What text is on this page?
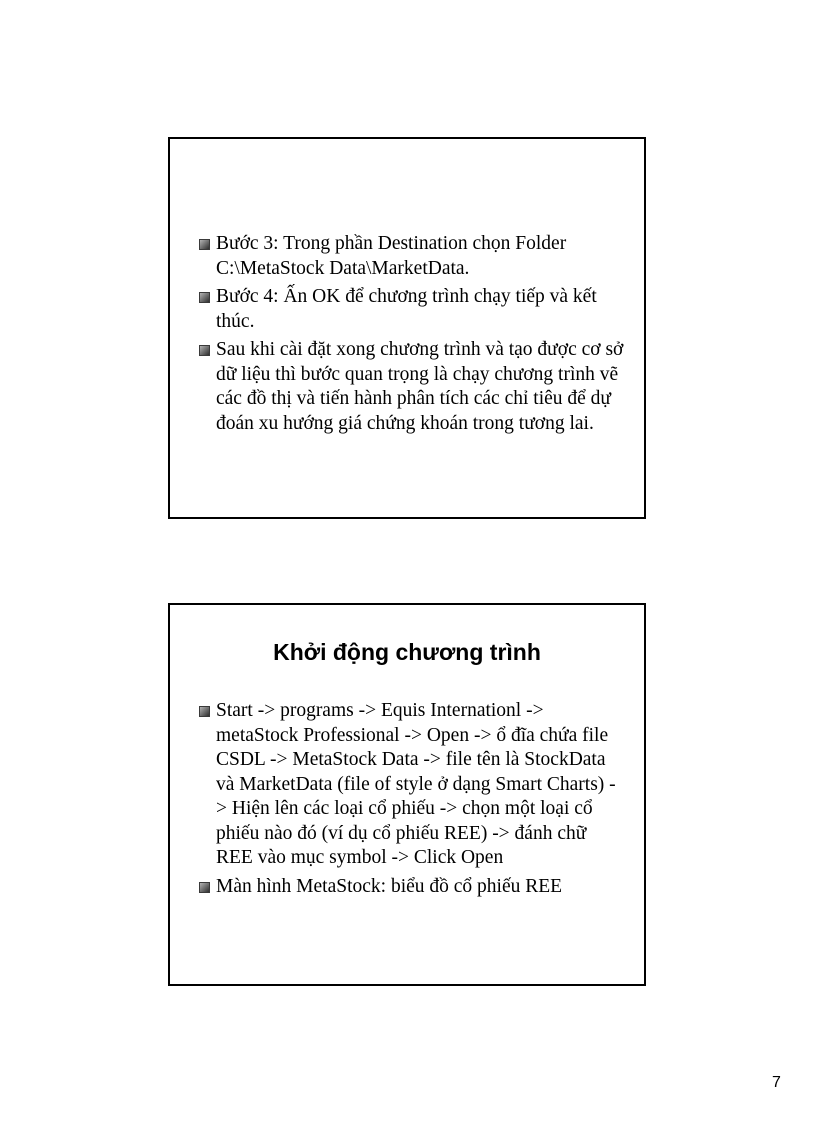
Bước 3: Trong phần Destination chọn Folder C:\MetaStock Data\MarketData.
Bước 4: Ấn OK để chương trình chạy tiếp và kết thúc.
Sau khi cài đặt xong chương trình và tạo được cơ sở dữ liệu thì bước quan trọng là chạy chương trình vẽ các đồ thị và tiến hành phân tích các chỉ tiêu để dự đoán xu hướng giá chứng khoán trong tương lai.
Khởi động chương trình
Start -> programs -> Equis Internationl -> metaStock Professional -> Open -> ổ đĩa chứa file CSDL -> MetaStock Data -> file tên là StockData và MarketData (file of style ở dạng Smart Charts) -> Hiện lên các loại cổ phiếu -> chọn một loại cổ phiếu nào đó (ví dụ cổ phiếu REE) -> đánh chữ REE vào mục symbol -> Click Open
Màn hình MetaStock: biểu đồ cổ phiếu REE
7
